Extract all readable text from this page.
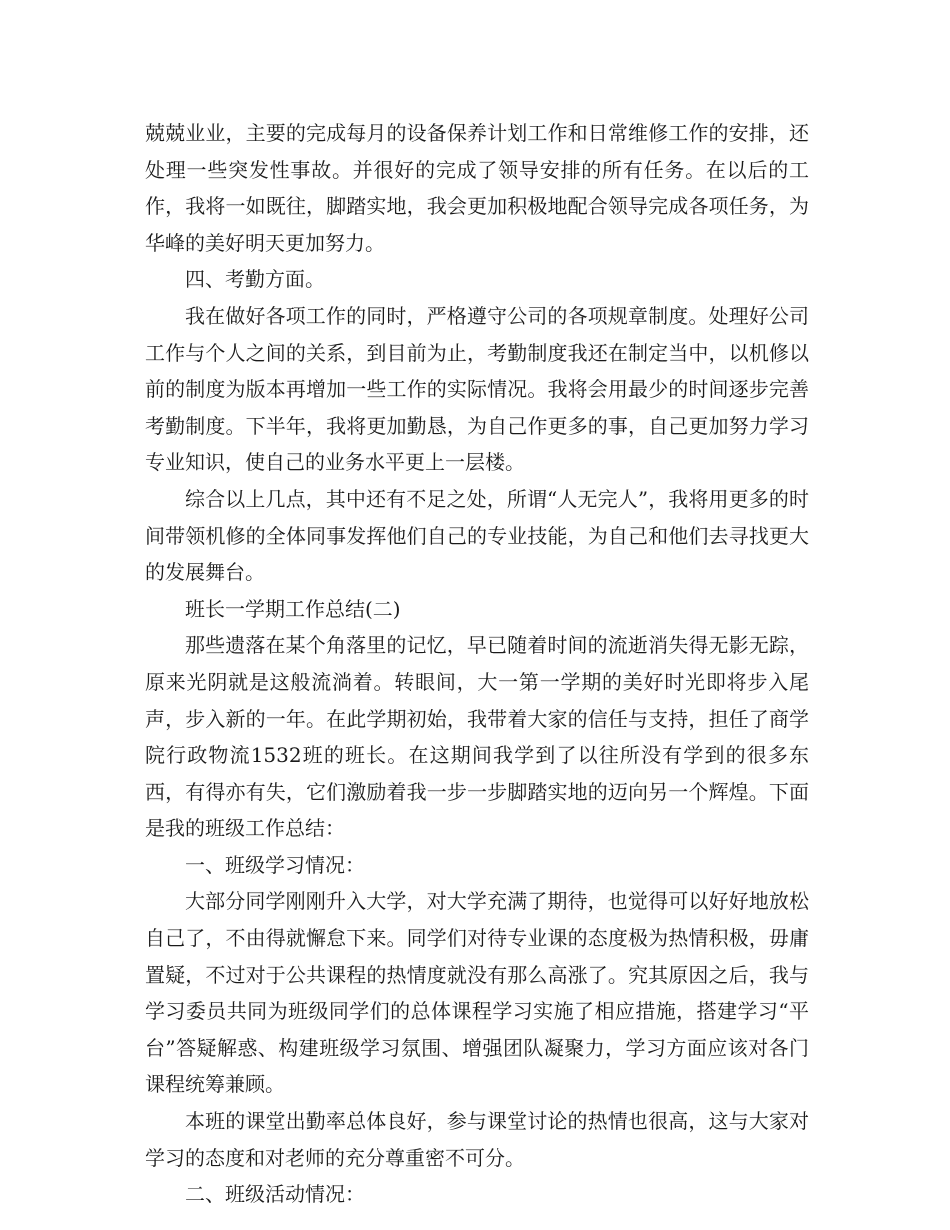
兢兢业业，主要的完成每月的设备保养计划工作和日常维修工作的安排，还处理一些突发性事故。并很好的完成了领导安排的所有任务。在以后的工作，我将一如既往，脚踏实地，我会更加积极地配合领导完成各项任务，为华峰的美好明天更加努力。

四、考勤方面。

我在做好各项工作的同时，严格遵守公司的各项规章制度。处理好公司工作与个人之间的关系，到目前为止，考勤制度我还在制定当中，以机修以前的制度为版本再增加一些工作的实际情况。我将会用最少的时间逐步完善考勤制度。下半年，我将更加勤恳，为自己作更多的事，自己更加努力学习专业知识，使自己的业务水平更上一层楼。

综合以上几点，其中还有不足之处，所谓“人无完人”，我将用更多的时间带领机修的全体同事发挥他们自己的专业技能，为自己和他们去寻找更大的发展舞台。

班长一学期工作总结(二)

那些遗落在某个角落里的记忆，早已随着时间的流逝消失得无影无踪，原来光阴就是这般流淌着。转眼间，大一第一学期的美好时光即将步入尾声，步入新的一年。在此学期初始，我带着大家的信任与支持，担任了商学院行政物流1532班的班长。在这期间我学到了以往所没有学到的很多东西，有得亦有失，它们激励着我一步一步脚踏实地的迈向另一个辉煌。下面是我的班级工作总结：

一、班级学习情况：

大部分同学刚刚升入大学，对大学充满了期待，也觉得可以好好地放松自己了，不由得就懈怠下来。同学们对待专业课的态度极为热情积极，毋庸置疑，不过对于公共课程的热情度就没有那么高涨了。究其原因之后，我与学习委员共同为班级同学们的总体课程学习实施了相应措施，搭建学习“平台”答疑解惑、构建班级学习氛围、增强团队凝聚力，学习方面应该对各门课程统筹兼顾。

本班的课堂出勤率总体良好，参与课堂讨论的热情也很高，这与大家对学习的态度和对老师的充分尊重密不可分。

二、班级活动情况：
